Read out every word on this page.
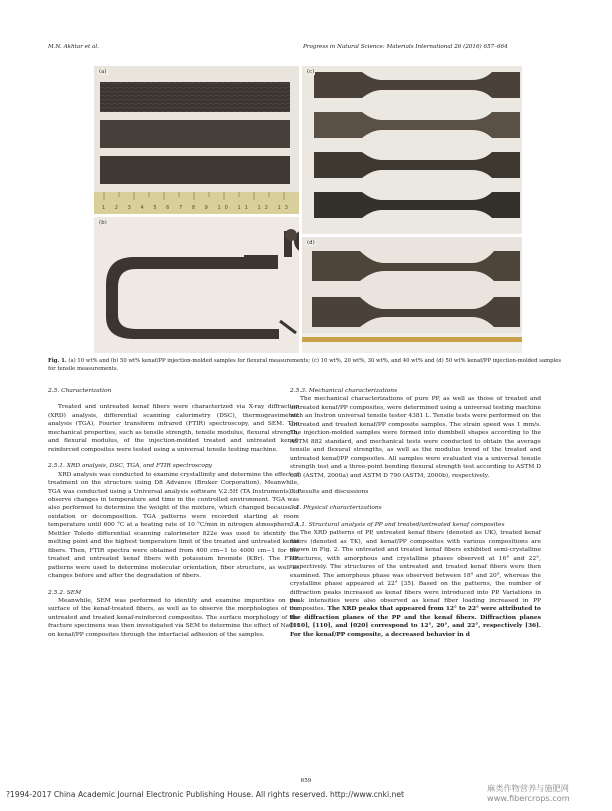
M.N. Akhtar et al.	Progress in Natural Science: Materials International 26 (2016) 657–664
1 2 3 4 5 6 7 8 9 10 11 12 13
(a)
(b)
(c)
(d)
Fig. 1. (a) 10 wt% and (b) 50 wt% kenaf/PP injection-molded samples for flexural measurements; (c) 10 wt%, 20 wt%, 30 wt%, and 40 wt% and (d) 50 wt% kenaf/PP injection-molded samples for tensile measurements.
2.5. Characterization

Treated and untreated kenaf fibers were characterized via X-ray diffraction (XRD) analysis, differential scanning calorimetry (DSC), thermogravimetric analysis (TGA), Fourier transform infrared (FTIR) spectroscopy, and SEM. The mechanical properties, such as tensile strength, tensile modulus, flexural strength, and flexural modulus, of the injection-molded treated and untreated kenaf-reinforced composites were tested using a universal tensile testing machine.

2.5.1. XRD analysis, DSC, TGA, and FTIR spectroscopy

XRD analysis was conducted to examine crystallinity and determine the effect of treatment on the structure using D8 Advance (Bruker Corporation). Meanwhile, TGA was conducted using a Universal analysis software V.2.5H (TA Instruments) to observe changes in temperature and time in the controlled environment. TGA was also performed to determine the weight of the mixture, which changed because of oxidation or decomposition. TGA patterns were recorded starting at room temperature until 600 °C at a heating rate of 10 °C/min in nitrogen atmosphere. A Mettler Toledo differential scanning calorimeter 822e was used to identify the melting point and the highest temperature limit of the treated and untreated kenaf fibers. Then, FTIR spectra were obtained from 400 cm−1 to 4000 cm−1 for the treated and untreated kenaf fibers with potassium bromide (KBr). The FTIR patterns were used to determine molecular orientation, fiber structure, as well as changes before and after the degradation of fibers.

2.5.2. SEM

Meanwhile, SEM was performed to identify and examine impurities on the surface of the kenaf-treated fibers, as well as to observe the morphologies of the untreated and treated kenaf-reinforced composites. The surface morphology of the fracture specimens was then investigated via SEM to determine the effect of NaOH on kenaf/PP composites through the interfacial adhesion of the samples.

2.5.3. Mechanical characterizations

The mechanical characterizations of pure PP, as well as those of treated and untreated kenaf/PP composites, were determined using a universal testing machine with an Instron universal tensile tester 4381 L. Tensile tests were performed on the untreated and treated kenaf/PP composite samples. The strain speed was 1 mm/s. The injection-molded samples were formed into dumbbell shapes according to the ASTM 882 standard, and mechanical tests were conducted to obtain the average tensile and flexural strengths, as well as the modulus trend of the treated and untreated kenaf/PP composites. All samples were evaluated via a universal tensile strength test and a three-point bending flexural strength test according to ASTM D 638 (ASTM, 2000a) and ASTM D 790 (ASTM, 2000b), respectively.

3. Results and discussions
3.1. Physical characterizations
3.1.1. Structural analysis of PP and treated/untreated kenaf composites

The XRD patterns of PP, untreated kenaf fibers (denoted as UK), treated kenaf fibers (denoted as TK), and kenaf/PP composites with various compositions are shown in Fig. 2. The untreated and treated kenaf fibers exhibited semi-crystalline structures, with amorphous and crystalline phases observed at 16° and 22°, respectively. The structures of the untreated and treated kenaf fibers were then examined. The amorphous phase was observed between 18° and 20°, whereas the crystalline phase appeared at 22° [35]. Based on the patterns, the number of diffraction peaks increased as kenaf fibers were introduced into PP. Variations in peak intensities were also observed as kenaf fiber loading increased in PP composites. The XRD peaks that appeared from 12° to 22° were attributed to the diffraction planes of the PP and the kenaf fibers. Diffraction planes [110], [110], and [020] correspond to 12°, 20°, and 22°, respectively [36]. For the kenaf/PP composite, a decreased behavior in d

659
?1994-2017 China Academic Journal Electronic Publishing House. All rights reserved. http://www.cnki.net
麻类作物营养与施肥网
www.fibercrops.com
